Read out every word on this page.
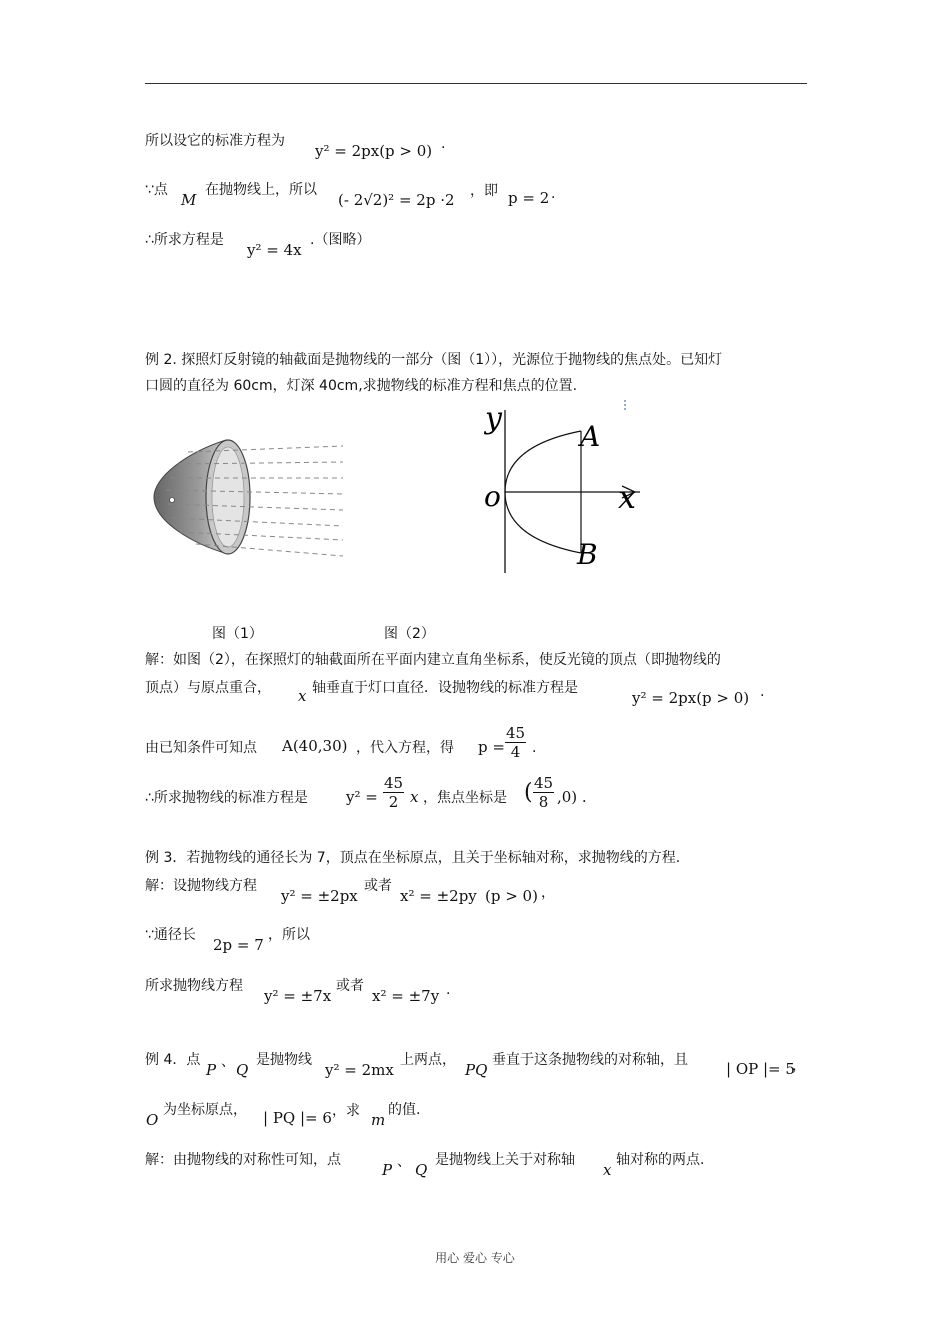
所以设它的标准方程为
y² = 2px(p > 0) .
∵点
M
在抛物线上，所以
(- 2√2)² = 2p ·2 ，即 p = 2 .
∴所求方程是
y² = 4x
.（图略）
例 2. 探照灯反射镜的轴截面是抛物线的一部分（图（1）），光源位于抛物线的焦点处。已知灯
口圆的直径为 60cm，灯深 40cm,求抛物线的标准方程和焦点的位置.
y
o	x
A
B
图（1）	图（2）
解：如图（2），在探照灯的轴截面所在平面内建立直角坐标系，使反光镜的顶点（即抛物线的
顶点）与原点重合， x 轴垂直于灯口直径．设抛物线的标准方程是
y² = 2px(p > 0) .
由已知条件可知点 A(40,30) ，代入方程，得 $p = \frac{45}{4}$ .
∴所求抛物线的标准方程是	$y^2 = \frac{45}{2}$ x ，焦点坐标是 ( $\frac{45}{8} ,0$) .
例 3．若抛物线的通径长为 7，顶点在坐标原点，且关于坐标轴对称，求抛物线的方程.
解：设抛物线方程
y² = ±2px
或者
x² = ±2py (p > 0) ，
∵通径长
2p = 7
，所以
所求抛物线方程
y² = ±7x
或者
x² = ±7y .
例 4．点
P 、 Q
是抛物线
y² = 2mx
上两点，
PQ
垂直于这条抛物线的对称轴，且	| OP |= 5
，
O
为坐标原点， | PQ |= 6 ，求 m
的值.
解：由抛物线的对称性可知，点
P 、 Q
是抛物线上关于对称轴
x
轴对称的两点.
用心 爱心 专心
